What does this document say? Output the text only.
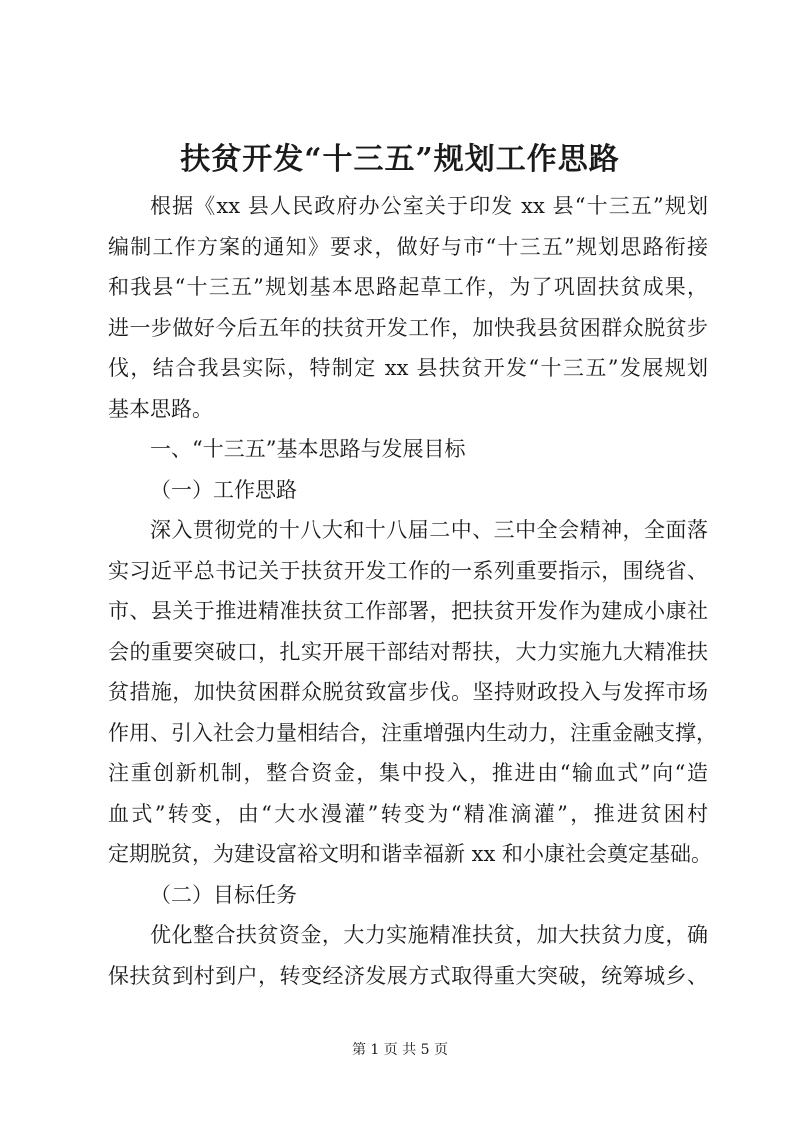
扶贫开发“十三五”规划工作思路
根据《xx 县人民政府办公室关于印发 xx 县“十三五”规划
编制工作方案的通知》要求，做好与市“十三五”规划思路衔接
和我县“十三五”规划基本思路起草工作，为了巩固扶贫成果，
进一步做好今后五年的扶贫开发工作，加快我县贫困群众脱贫步
伐，结合我县实际，特制定 xx 县扶贫开发“十三五”发展规划
基本思路。
一、“十三五”基本思路与发展目标
（一）工作思路
深入贯彻党的十八大和十八届二中、三中全会精神，全面落
实习近平总书记关于扶贫开发工作的一系列重要指示，围绕省、
市、县关于推进精准扶贫工作部署，把扶贫开发作为建成小康社
会的重要突破口，扎实开展干部结对帮扶，大力实施九大精准扶
贫措施，加快贫困群众脱贫致富步伐。坚持财政投入与发挥市场
作用、引入社会力量相结合，注重增强内生动力，注重金融支撑，
注重创新机制，整合资金，集中投入，推进由“输血式”向“造
血式”转变，由“大水漫灌”转变为“精准滴灌”，推进贫困村
定期脱贫，为建设富裕文明和谐幸福新 xx 和小康社会奠定基础。
（二）目标任务
优化整合扶贫资金，大力实施精准扶贫，加大扶贫力度，确
保扶贫到村到户，转变经济发展方式取得重大突破，统筹城乡、
第 1 页 共 5 页
